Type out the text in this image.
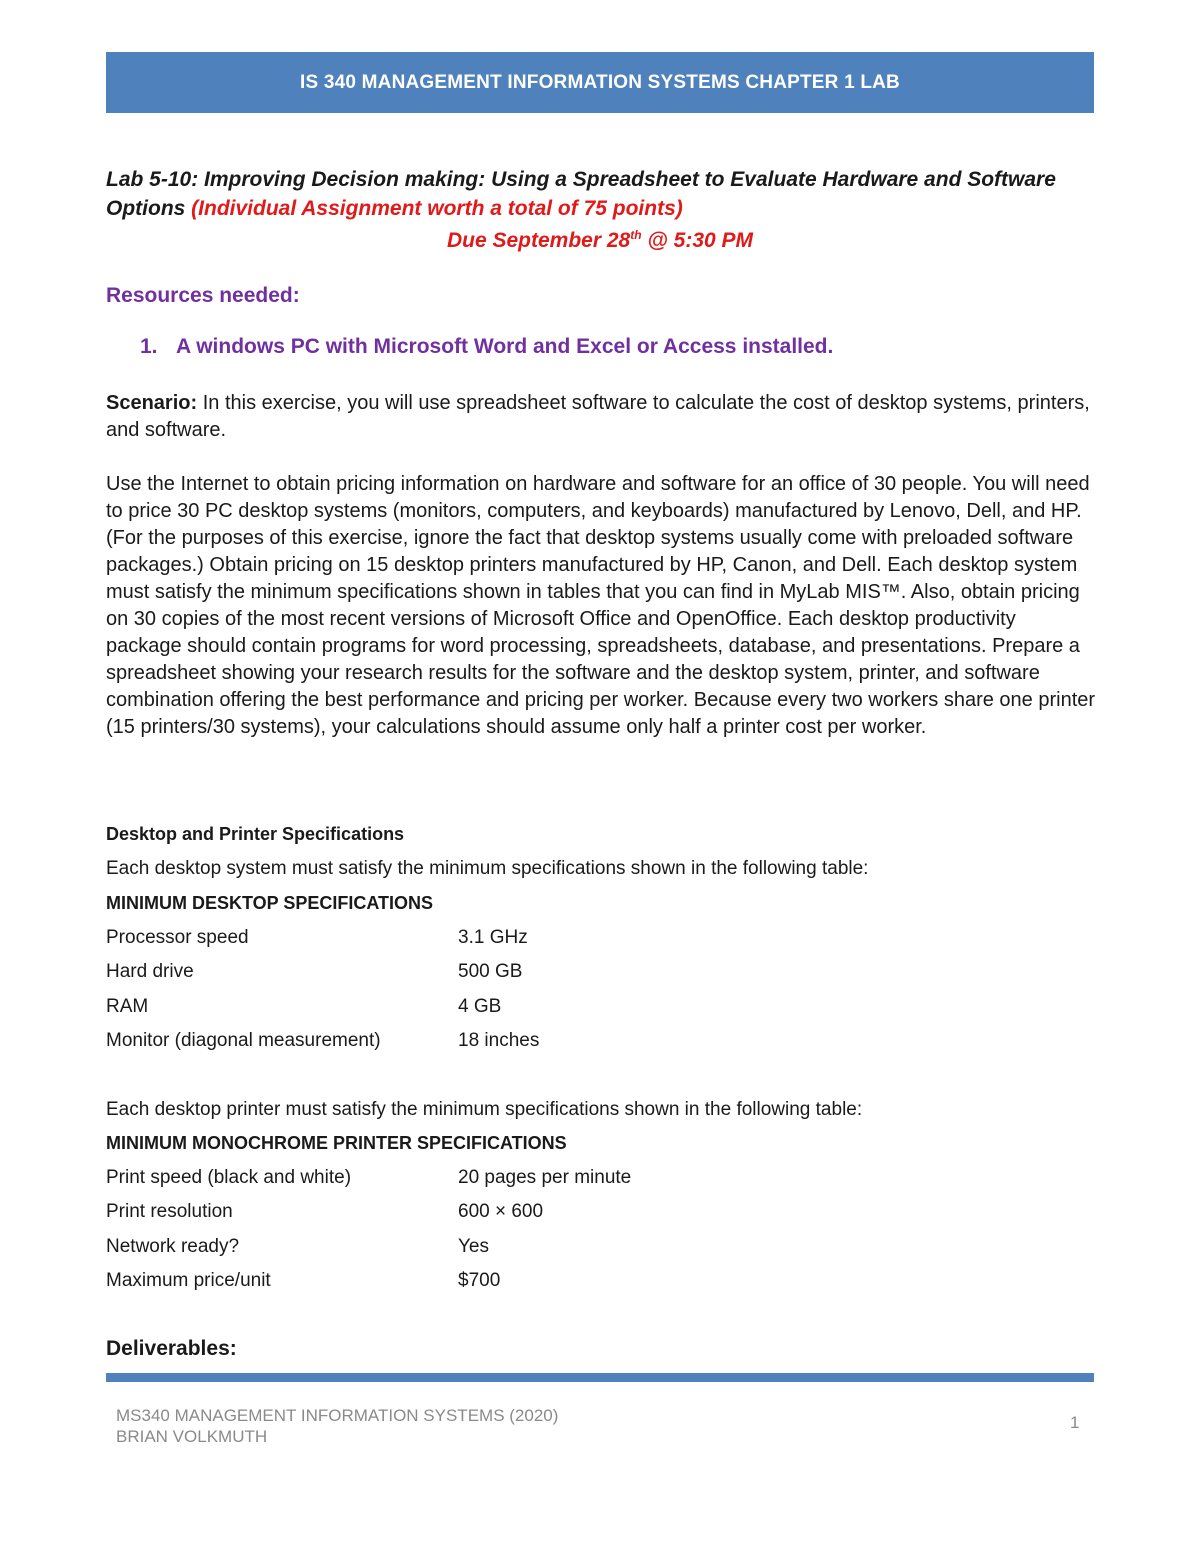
IS 340 MANAGEMENT INFORMATION SYSTEMS CHAPTER 1 LAB
Lab 5-10: Improving Decision making: Using a Spreadsheet to Evaluate Hardware and Software Options (Individual Assignment worth a total of 75 points)
Due September 28th @ 5:30 PM
Resources needed:
1. A windows PC with Microsoft Word and Excel or Access installed.
Scenario: In this exercise, you will use spreadsheet software to calculate the cost of desktop systems, printers, and software.
Use the Internet to obtain pricing information on hardware and software for an office of 30 people. You will need to price 30 PC desktop systems (monitors, computers, and keyboards) manufactured by Lenovo, Dell, and HP. (For the purposes of this exercise, ignore the fact that desktop systems usually come with preloaded software packages.) Obtain pricing on 15 desktop printers manufactured by HP, Canon, and Dell. Each desktop system must satisfy the minimum specifications shown in tables that you can find in MyLab MIS™. Also, obtain pricing on 30 copies of the most recent versions of Microsoft Office and OpenOffice. Each desktop productivity package should contain programs for word processing, spreadsheets, database, and presentations. Prepare a spreadsheet showing your research results for the software and the desktop system, printer, and software combination offering the best performance and pricing per worker. Because every two workers share one printer (15 printers/30 systems), your calculations should assume only half a printer cost per worker.
Desktop and Printer Specifications
Each desktop system must satisfy the minimum specifications shown in the following table:
MINIMUM DESKTOP SPECIFICATIONS
Processor speed	3.1 GHz
Hard drive	500 GB
RAM	4 GB
Monitor (diagonal measurement)	18 inches
Each desktop printer must satisfy the minimum specifications shown in the following table:
MINIMUM MONOCHROME PRINTER SPECIFICATIONS
Print speed (black and white)	20 pages per minute
Print resolution	600 × 600
Network ready?	Yes
Maximum price/unit	$700
Deliverables:
MS340 MANAGEMENT INFORMATION SYSTEMS (2020)
BRIAN VOLKMUTH
1
